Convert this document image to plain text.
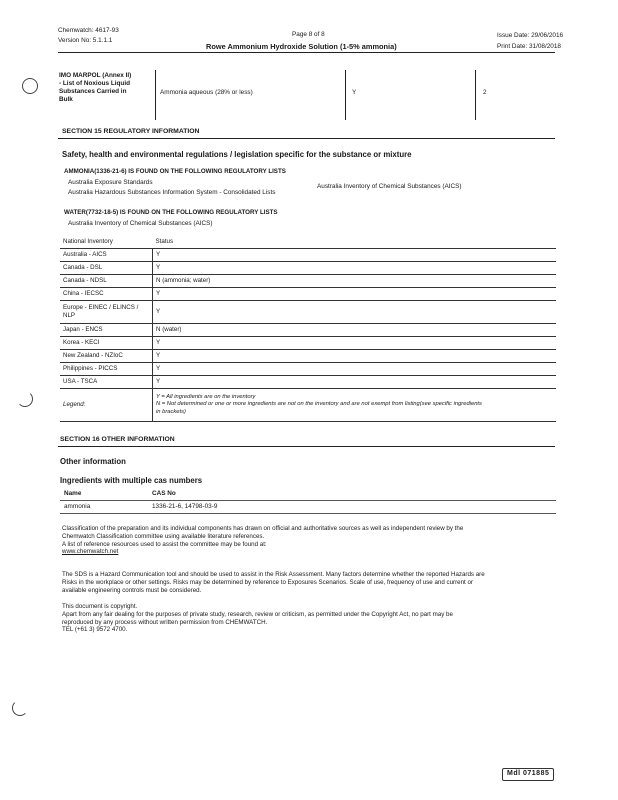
Chemwatch: 4617-93
Version No: 5.1.1.1
Page 8 of 8	Issue Date: 29/06/2016
Print Date: 31/08/2018
Rowe Ammonium Hydroxide Solution (1-5% ammonia)
IMO MARPOL (Annex II)
- List of Noxious Liquid
Substances Carried in
Bulk
Ammonia aqueous (28% or less)	Y	2
SECTION 15 REGULATORY INFORMATION
Safety, health and environmental regulations / legislation specific for the substance or mixture
AMMONIA(1336-21-6) IS FOUND ON THE FOLLOWING REGULATORY LISTS
Australia Exposure Standards
Australia Hazardous Substances Information System - Consolidated Lists
Australia Inventory of Chemical Substances (AICS)
WATER(7732-18-5) IS FOUND ON THE FOLLOWING REGULATORY LISTS
Australia Inventory of Chemical Substances (AICS)
National Inventory	Status
Australia - AICS	Y
Canada - DSL	Y
Canada - NDSL	N (ammonia; water)
China - IECSC	Y
Europe - EINEC / ELINCS / NLP	Y
Japan - ENCS	N (water)
Korea - KECI	Y
New Zealand - NZIoC	Y
Philippines - PICCS	Y
USA - TSCA	Y
Legend:	Y = All ingredients are on the inventory
N = Not determined or one or more ingredients are not on the inventory and are not exempt from listing(see specific ingredients
in brackets)
SECTION 16 OTHER INFORMATION
Other information
Ingredients with multiple cas numbers
Name	CAS No
ammonia	1336-21-6, 14798-03-9
Classification of the preparation and its individual components has drawn on official and authoritative sources as well as independent review by the
Chemwatch Classification committee using available literature references.
A list of reference resources used to assist the committee may be found at:
www.chemwatch.net
The SDS is a Hazard Communication tool and should be used to assist in the Risk Assessment. Many factors determine whether the reported Hazards are
Risks in the workplace or other settings. Risks may be determined by reference to Exposures Scenarios. Scale of use, frequency of use and current or
available engineering controls must be considered.
This document is copyright.
Apart from any fair dealing for the purposes of private study, research, review or criticism, as permitted under the Copyright Act, no part may be
reproduced by any process without written permission from CHEMWATCH.
TEL (+61 3) 9572 4700.
Mdl 071885
